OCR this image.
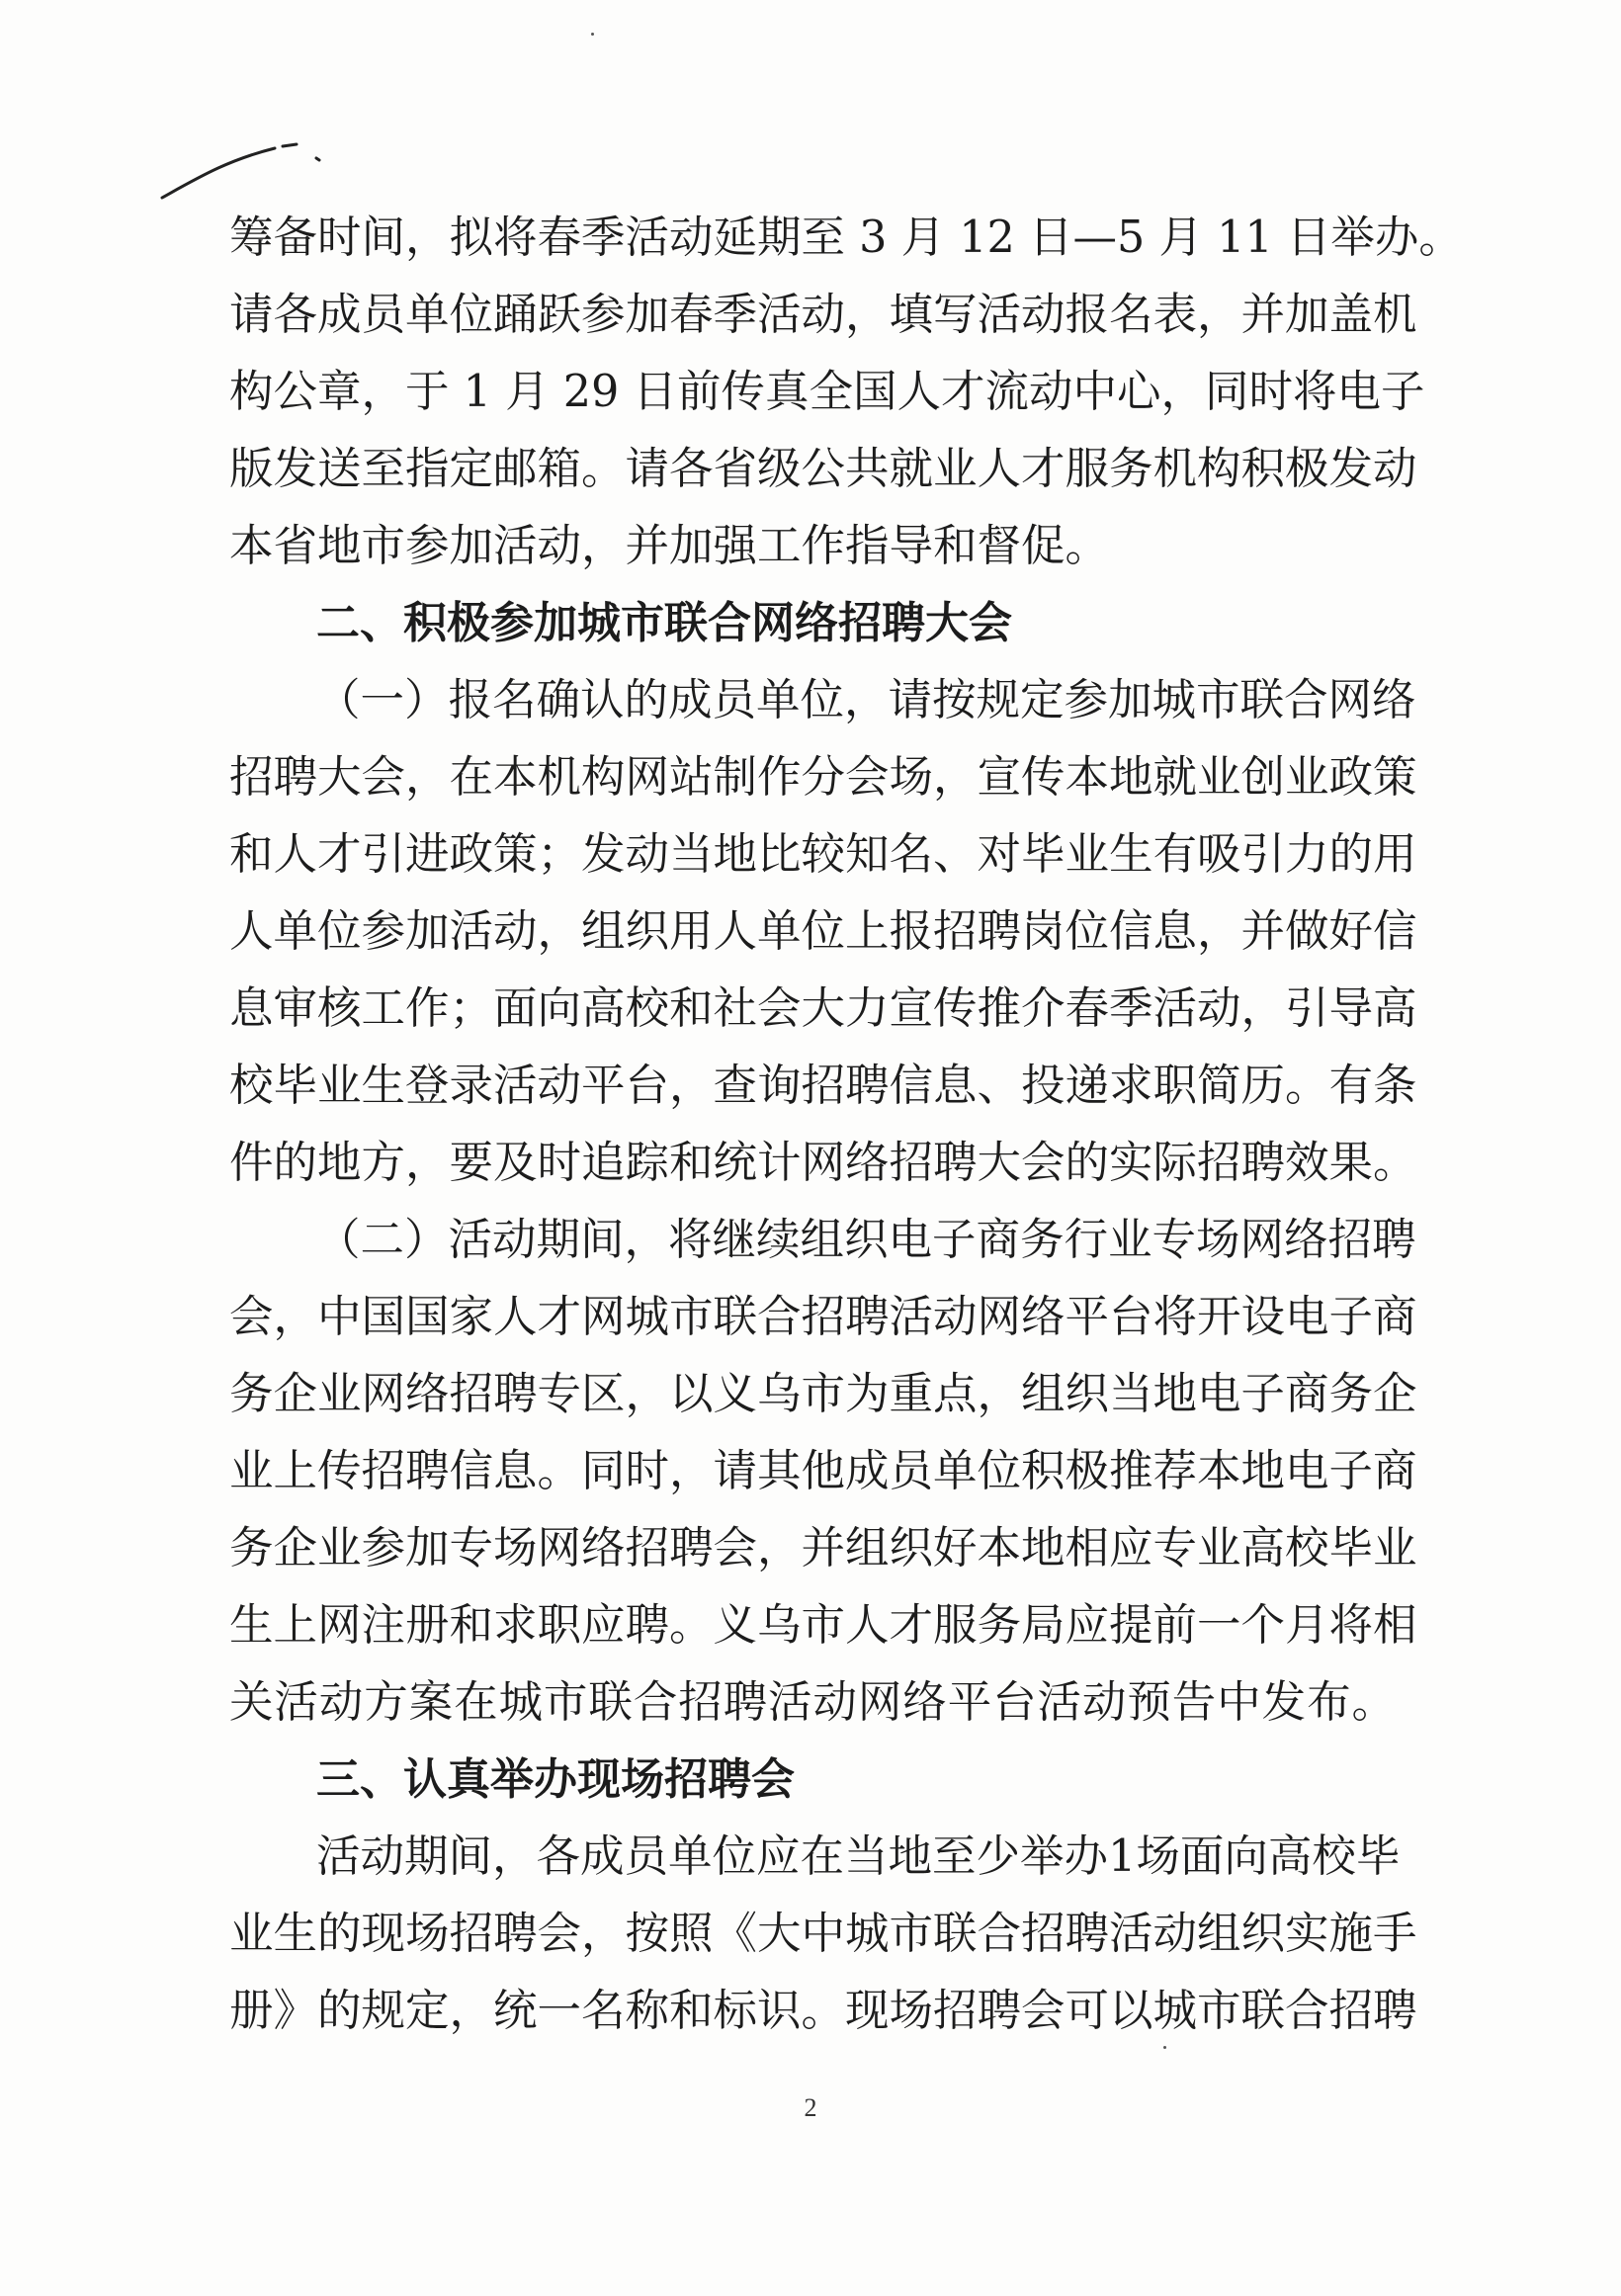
筹备时间，拟将春季活动延期至 3 月 12 日—5 月 11 日举办。
请各成员单位踊跃参加春季活动，填写活动报名表，并加盖机
构公章，于 1 月 29 日前传真全国人才流动中心，同时将电子
版发送至指定邮箱。请各省级公共就业人才服务机构积极发动
本省地市参加活动，并加强工作指导和督促。
二、积极参加城市联合网络招聘大会
（一）报名确认的成员单位，请按规定参加城市联合网络
招聘大会，在本机构网站制作分会场，宣传本地就业创业政策
和人才引进政策；发动当地比较知名、对毕业生有吸引力的用
人单位参加活动，组织用人单位上报招聘岗位信息，并做好信
息审核工作；面向高校和社会大力宣传推介春季活动，引导高
校毕业生登录活动平台，查询招聘信息、投递求职简历。有条
件的地方，要及时追踪和统计网络招聘大会的实际招聘效果。
（二）活动期间，将继续组织电子商务行业专场网络招聘
会，中国国家人才网城市联合招聘活动网络平台将开设电子商
务企业网络招聘专区，以义乌市为重点，组织当地电子商务企
业上传招聘信息。同时，请其他成员单位积极推荐本地电子商
务企业参加专场网络招聘会，并组织好本地相应专业高校毕业
生上网注册和求职应聘。义乌市人才服务局应提前一个月将相
关活动方案在城市联合招聘活动网络平台活动预告中发布。
三、认真举办现场招聘会
活动期间，各成员单位应在当地至少举办1场面向高校毕
业生的现场招聘会，按照《大中城市联合招聘活动组织实施手
册》的规定，统一名称和标识。现场招聘会可以城市联合招聘
2
